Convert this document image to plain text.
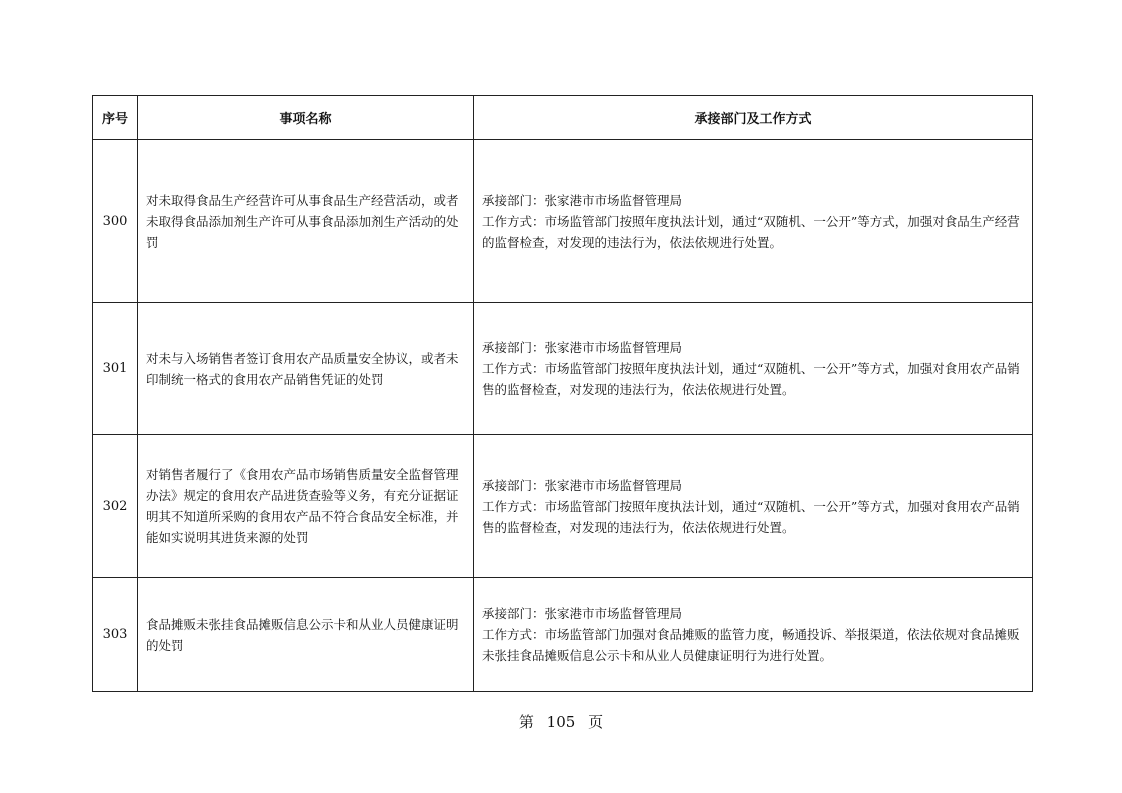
序号	事项名称	承接部门及工作方式
300	对未取得食品生产经营许可从事食品生产经营活动，或者未取得食品添加剂生产许可从事食品添加剂生产活动的处罚	承接部门：张家港市市场监督管理局
工作方式：市场监管部门按照年度执法计划，通过“双随机、一公开”等方式，加强对食品生产经营的监督检查，对发现的违法行为，依法依规进行处置。

301	对未与入场销售者签订食用农产品质量安全协议，或者未印制统一格式的食用农产品销售凭证的处罚	承接部门：张家港市市场监督管理局
工作方式：市场监管部门按照年度执法计划，通过“双随机、一公开”等方式，加强对食用农产品销售的监督检查，对发现的违法行为，依法依规进行处置。

302	对销售者履行了《食用农产品市场销售质量安全监督管理办法》规定的食用农产品进货查验等义务，有充分证据证明其不知道所采购的食用农产品不符合食品安全标准，并能如实说明其进货来源的处罚	承接部门：张家港市市场监督管理局
工作方式：市场监管部门按照年度执法计划，通过“双随机、一公开”等方式，加强对食用农产品销售的监督检查，对发现的违法行为，依法依规进行处置。

303	食品摊贩未张挂食品摊贩信息公示卡和从业人员健康证明的处罚	承接部门：张家港市市场监督管理局
工作方式：市场监管部门加强对食品摊贩的监管力度，畅通投诉、举报渠道，依法依规对食品摊贩未张挂食品摊贩信息公示卡和从业人员健康证明行为进行处置。
第 105 页
